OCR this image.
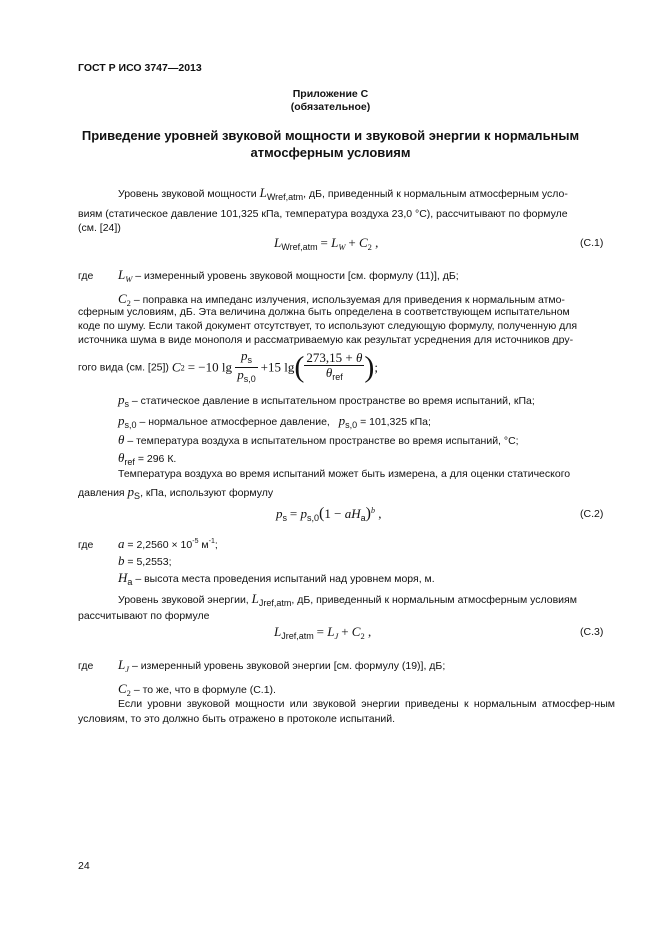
ГОСТ Р ИСО 3747—2013
Приложение С
(обязательное)
Приведение уровней звуковой мощности и звуковой энергии к нормальным
атмосферным условиям
Уровень звуковой мощности $L_{Wref,atm}$, дБ, приведенный к нормальным атмосферным усло-
виям (статическое давление 101,325 кПа, температура воздуха 23,0 °С), рассчитывают по формуле
(см. [24])
$L_{Wref,atm} = L_W + C_2$ ,	(С.1)
где $L_W$ – измеренный уровень звуковой мощности [см. формулу (11)], дБ;
$C_2$ – поправка на импеданс излучения, используемая для приведения к нормальным атмо-
сферным условиям, дБ. Эта величина должна быть определена в соответствующем испытательном
коде по шуму. Если такой документ отсутствует, то используют следующую формулу, полученную для
источника шума в виде монополя и рассматриваемую как результат усреднения для источников дру-
гого вида (см. [25]) C2 = −10 $\lg \frac{p_s}{p_{s,0}} +15$ $\lg( \frac{273,15 + \theta}{\theta_{ref}}$ );
ps – статическое давление в испытательном пространстве во время испытаний, кПа;
ps,0 – нормальное атмосферное давление, ps,0 = 101,325 кПа;
θ – температура воздуха в испытательном пространстве во время испытаний, °С;
θref = 296 К.
Температура воздуха во время испытаний может быть измерена, а для оценки статического
давления pS, кПа, используют формулу
ps = ps,0(1 − aHa)$^b$ ,	(С.2)
где $a = 2,2560 \times 10^{-5}$ $м^{-1}$;
b = 5,2553;
Ha – высота места проведения испытаний над уровнем моря, м.
Уровень звуковой энергии, $L_{Jref,atm}$, дБ, приведенный к нормальным атмосферным условиям
рассчитывают по формуле
$L_{Jref,atm} = L_J + C_2$ ,	(С.3)
где $L_J$ – измеренный уровень звуковой энергии [см. формулу (19)], дБ;
$C_2$ – то же, что в формуле (С.1).
Если уровни звуковой мощности или звуковой энергии приведены к нормальным атмосфер-ным условиям, то это должно быть отражено в протоколе испытаний.
24
